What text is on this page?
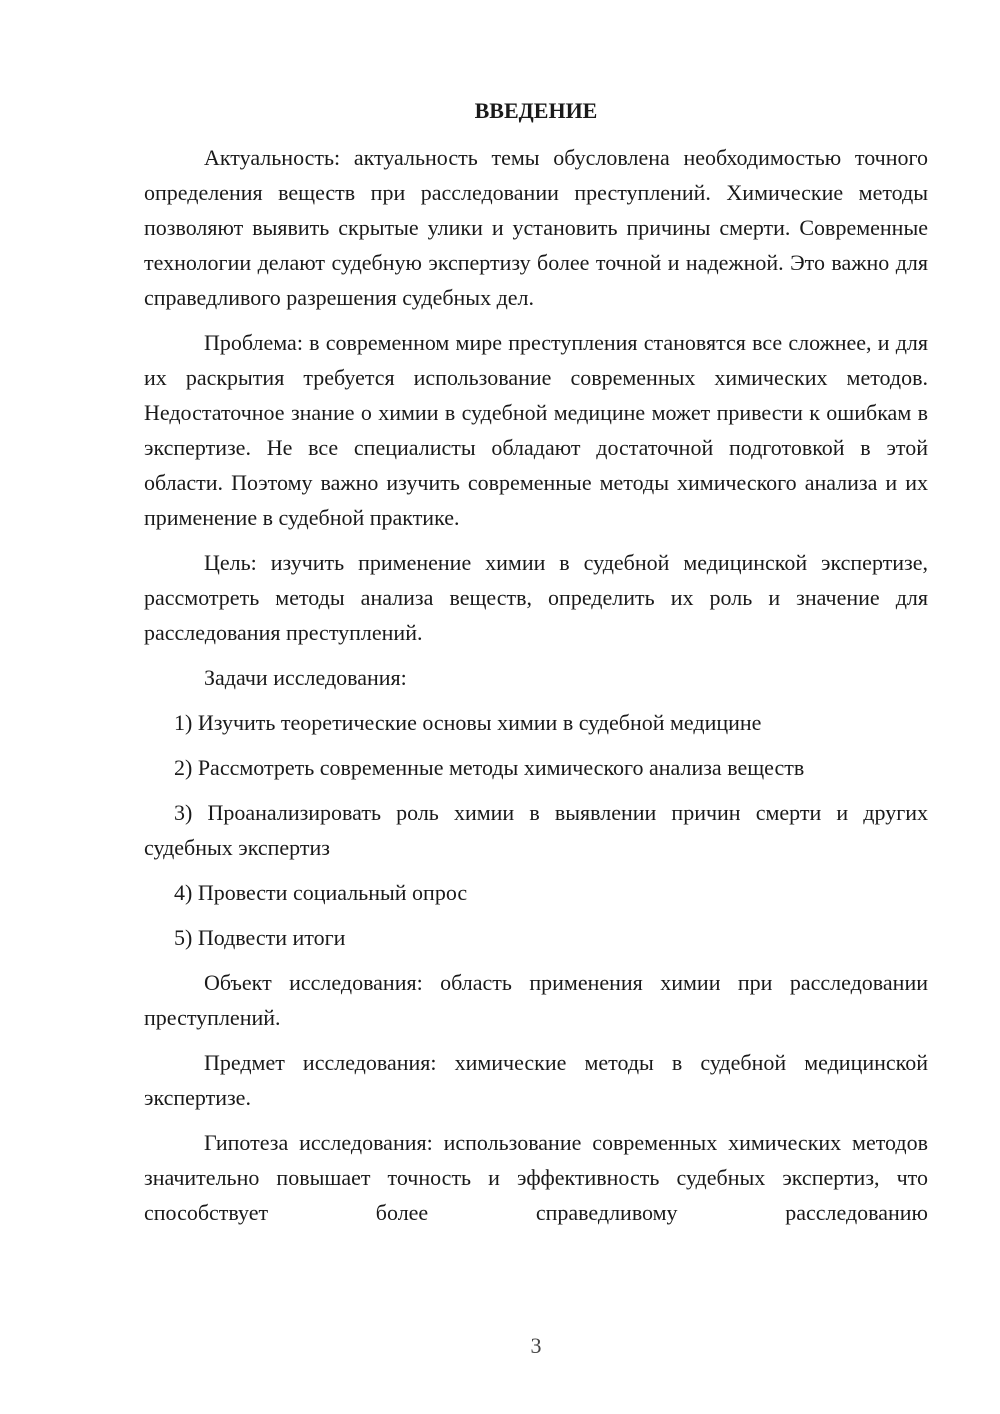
ВВЕДЕНИЕ

Актуальность: актуальность темы обусловлена необходимостью точного определения веществ при расследовании преступлений. Химические методы позволяют выявить скрытые улики и установить причины смерти. Современные технологии делают судебную экспертизу более точной и надежной. Это важно для справедливого разрешения судебных дел.

Проблема: в современном мире преступления становятся все сложнее, и для их раскрытия требуется использование современных химических методов. Недостаточное знание о химии в судебной медицине может привести к ошибкам в экспертизе. Не все специалисты обладают достаточной подготовкой в этой области. Поэтому важно изучить современные методы химического анализа и их применение в судебной практике.

Цель: изучить применение химии в судебной медицинской экспертизе, рассмотреть методы анализа веществ, определить их роль и значение для расследования преступлений.

Задачи исследования:

1) Изучить теоретические основы химии в судебной медицине

2) Рассмотреть современные методы химического анализа веществ

3) Проанализировать роль химии в выявлении причин смерти и других судебных экспертиз

4) Провести социальный опрос

5) Подвести итоги

Объект исследования: область применения химии при расследовании преступлений.

Предмет исследования: химические методы в судебной медицинской экспертизе.

Гипотеза исследования: использование современных химических методов значительно повышает точность и эффективность судебных экспертиз, что способствует более справедливому расследованию

3
